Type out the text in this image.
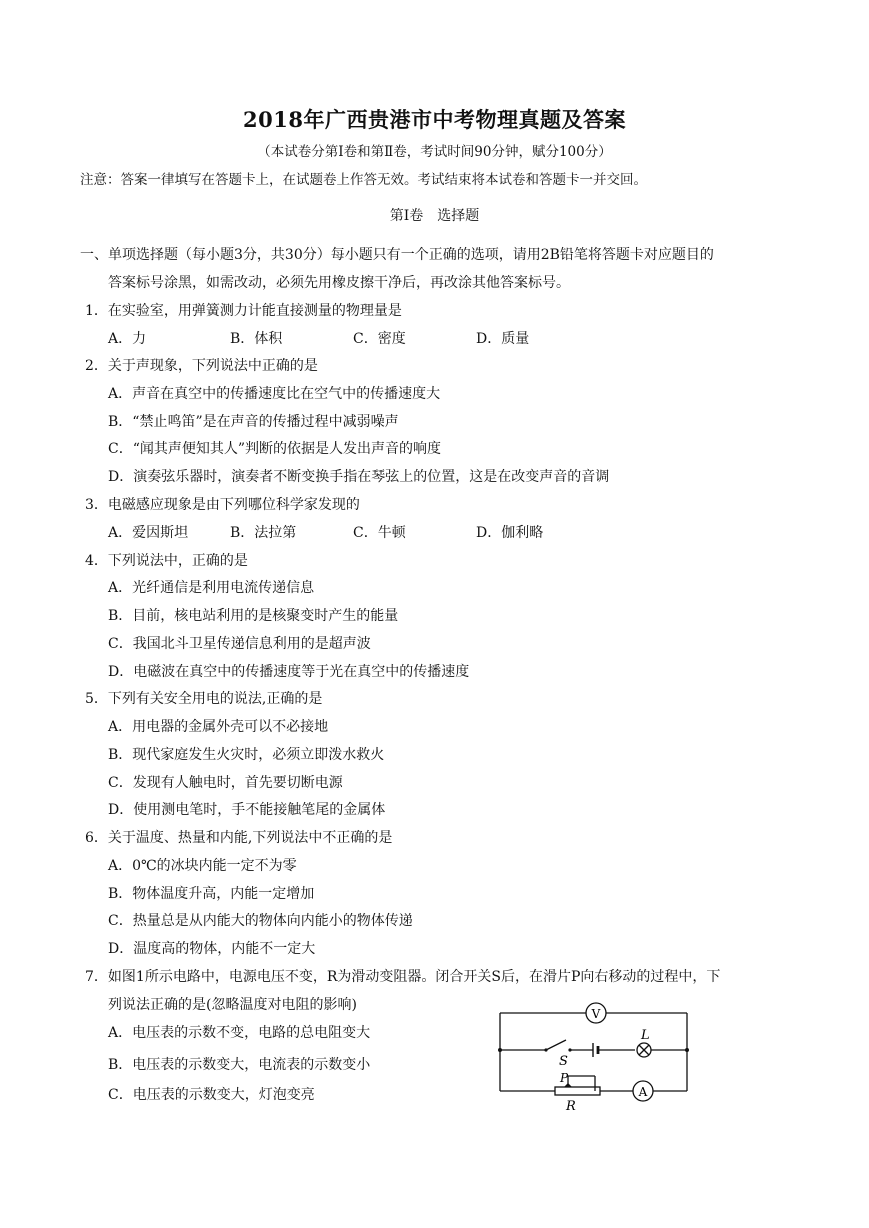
2018年广西贵港市中考物理真题及答案
（本试卷分第Ⅰ卷和第Ⅱ卷，考试时间90分钟，赋分100分）
注意：答案一律填写在答题卡上，在试题卷上作答无效。考试结束将本试卷和答题卡一并交回。
第Ⅰ卷　选择题
一、单项选择题（每小题3分，共30分）每小题只有一个正确的选项，请用2B铅笔将答题卡对应题目的
答案标号涂黑，如需改动，必须先用橡皮擦干净后，再改涂其他答案标号。
1．在实验室，用弹簧测力计能直接测量的物理量是
A．力	B．体积	C．密度	D．质量
2．关于声现象，下列说法中正确的是
A．声音在真空中的传播速度比在空气中的传播速度大
B．“禁止鸣笛”是在声音的传播过程中减弱噪声
C．“闻其声便知其人”判断的依据是人发出声音的响度
D．演奏弦乐器时，演奏者不断变换手指在琴弦上的位置，这是在改变声音的音调
3．电磁感应现象是由下列哪位科学家发现的
A．爱因斯坦	B．法拉第	C．牛顿	D．伽利略
4．下列说法中，正确的是
A．光纤通信是利用电流传递信息
B．目前，核电站利用的是核聚变时产生的能量
C．我国北斗卫星传递信息利用的是超声波
D．电磁波在真空中的传播速度等于光在真空中的传播速度
5．下列有关安全用电的说法,正确的是
A．用电器的金属外壳可以不必接地
B．现代家庭发生火灾时，必须立即泼水救火
C．发现有人触电时，首先要切断电源
D．使用测电笔时，手不能接触笔尾的金属体
6．关于温度、热量和内能,下列说法中不正确的是
A．0℃的冰块内能一定不为零
B．物体温度升高，内能一定增加
C．热量总是从内能大的物体向内能小的物体传递
D．温度高的物体，内能不一定大
7．如图1所示电路中，电源电压不变，R为滑动变阻器。闭合开关S后，在滑片P向右移动的过程中，下
列说法正确的是(忽略温度对电阻的影响)
A．电压表的示数不变，电路的总电阻变大
B．电压表的示数变大，电流表的示数变小
C．电压表的示数变大，灯泡变亮
V
A
L
S
P
R
